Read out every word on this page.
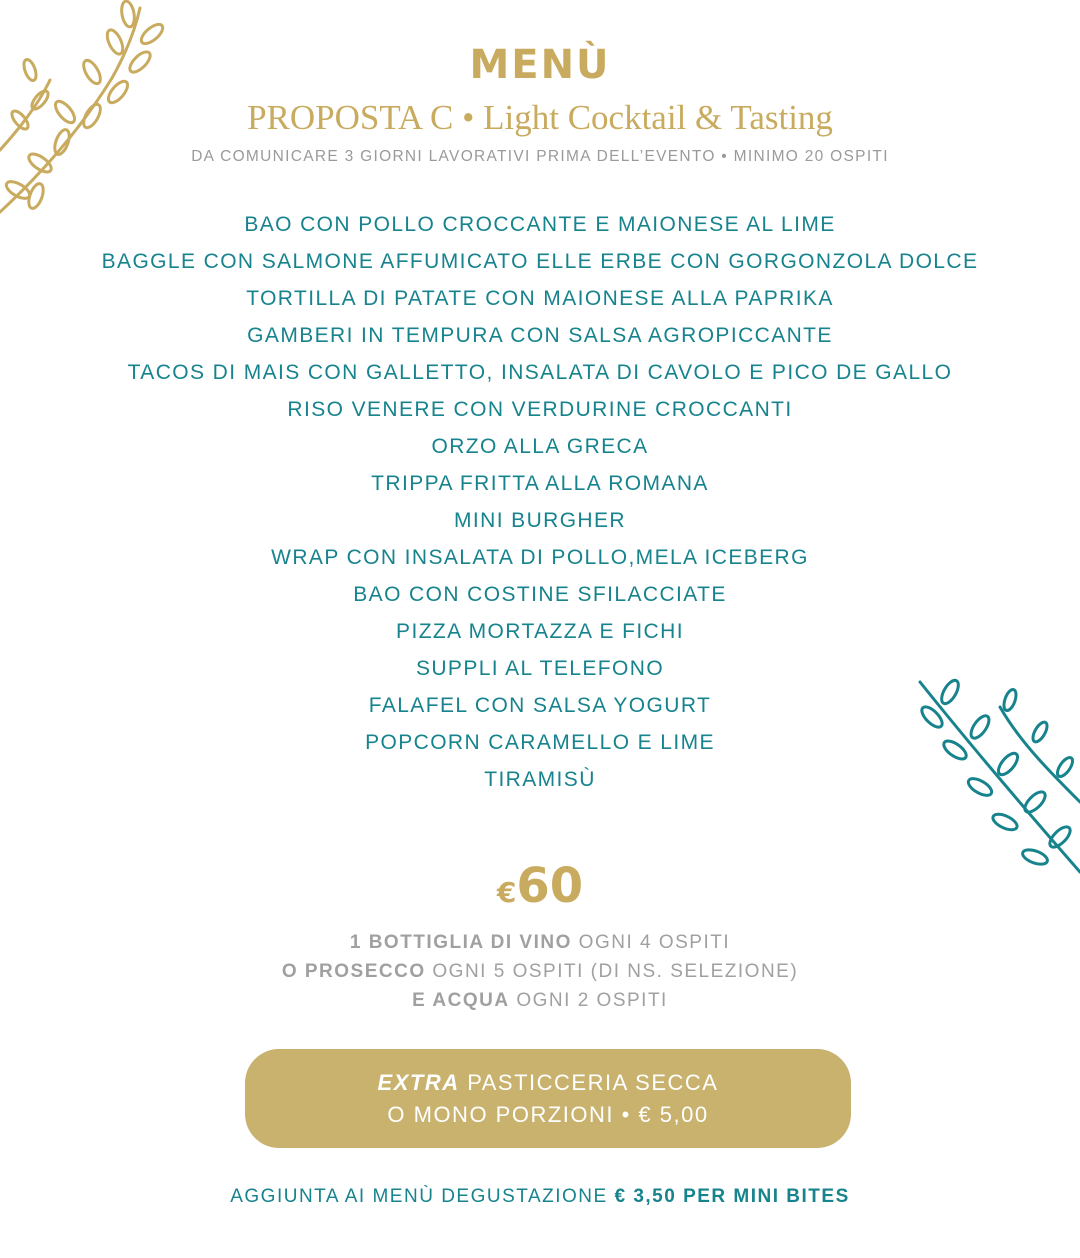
MENÙ
PROPOSTA C • Light Cocktail & Tasting
DA COMUNICARE 3 GIORNI LAVORATIVI PRIMA DELL’EVENTO • MINIMO 20 OSPITI
BAO CON POLLO CROCCANTE E MAIONESE AL LIME
BAGGLE CON SALMONE AFFUMICATO ELLE ERBE CON GORGONZOLA DOLCE
TORTILLA DI PATATE CON MAIONESE ALLA PAPRIKA
GAMBERI IN TEMPURA CON SALSA AGROPICCANTE
TACOS DI MAIS CON GALLETTO, INSALATA DI CAVOLO E PICO DE GALLO
RISO VENERE CON VERDURINE CROCCANTI
ORZO ALLA GRECA
TRIPPA FRITTA ALLA ROMANA
MINI BURGHER
WRAP CON INSALATA DI POLLO,MELA ICEBERG
BAO CON COSTINE SFILACCIATE
PIZZA MORTAZZA E FICHI
SUPPLI AL TELEFONO
FALAFEL CON SALSA YOGURT
POPCORN CARAMELLO E LIME
TIRAMISÙ
€60
1 BOTTIGLIA DI VINO OGNI 4 OSPITI
O PROSECCO OGNI 5 OSPITI (DI NS. SELEZIONE)
E ACQUA OGNI 2 OSPITI
EXTRA PASTICCERIA SECCA
O MONO PORZIONI • € 5,00
AGGIUNTA AI MENÙ DEGUSTAZIONE € 3,50 PER MINI BITES
